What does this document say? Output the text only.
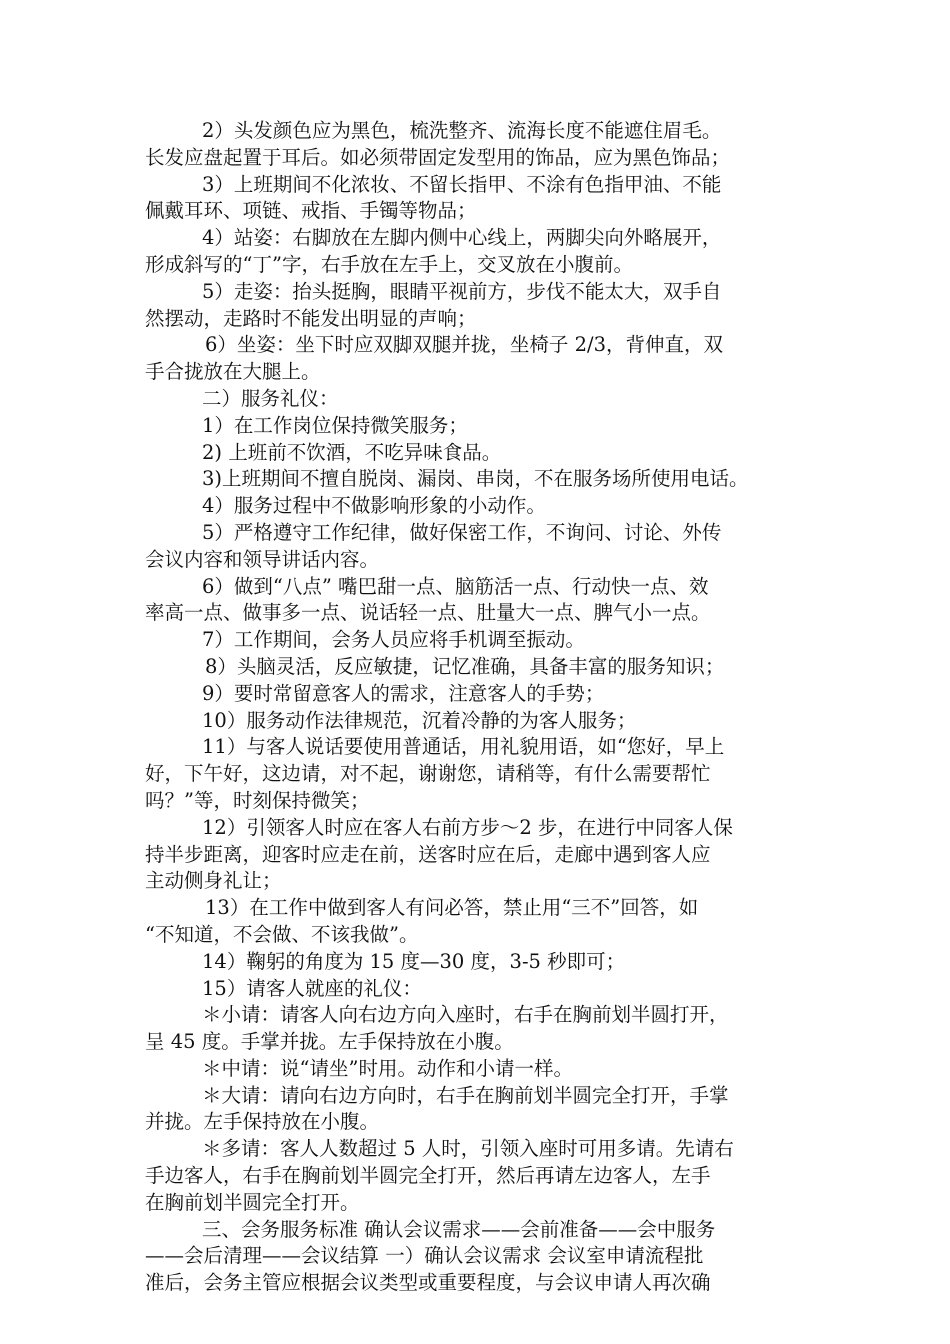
2）头发颜色应为黑色，梳洗整齐、流海长度不能遮住眉毛。
长发应盘起置于耳后。如必须带固定发型用的饰品，应为黑色饰品；
3）上班期间不化浓妆、不留长指甲、不涂有色指甲油、不能
佩戴耳环、项链、戒指、手镯等物品；
4）站姿：右脚放在左脚内侧中心线上，两脚尖向外略展开，
形成斜写的“丁”字，右手放在左手上，交叉放在小腹前。
5）走姿：抬头挺胸，眼睛平视前方，步伐不能太大，双手自
然摆动，走路时不能发出明显的声响；
6）坐姿：坐下时应双脚双腿并拢，坐椅子 2/3，背伸直，双
手合拢放在大腿上。
二）服务礼仪：
1）在工作岗位保持微笑服务；
2) 上班前不饮酒，不吃异味食品。
3)上班期间不擅自脱岗、漏岗、串岗，不在服务场所使用电话。
4）服务过程中不做影响形象的小动作。
5）严格遵守工作纪律，做好保密工作，不询问、讨论、外传
会议内容和领导讲话内容。
6）做到“八点” 嘴巴甜一点、脑筋活一点、行动快一点、效
率高一点、做事多一点、说话轻一点、肚量大一点、脾气小一点。
7）工作期间，会务人员应将手机调至振动。
8）头脑灵活，反应敏捷，记忆准确，具备丰富的服务知识；
9）要时常留意客人的需求，注意客人的手势；
10）服务动作法律规范，沉着冷静的为客人服务；
11）与客人说话要使用普通话，用礼貌用语，如“您好，早上
好，下午好，这边请，对不起，谢谢您，请稍等，有什么需要帮忙
吗？”等，时刻保持微笑；
12）引领客人时应在客人右前方步～2 步，在进行中同客人保
持半步距离，迎客时应走在前，送客时应在后，走廊中遇到客人应
主动侧身礼让；
13）在工作中做到客人有问必答，禁止用“三不”回答，如
“不知道，不会做、不该我做”。
14）鞠躬的角度为 15 度—30 度，3-5 秒即可；
15）请客人就座的礼仪：
＊小请：请客人向右边方向入座时，右手在胸前划半圆打开，
呈 45 度。手掌并拢。左手保持放在小腹。
＊中请：说“请坐”时用。动作和小请一样。
＊大请：请向右边方向时，右手在胸前划半圆完全打开，手掌
并拢。左手保持放在小腹。
＊多请：客人人数超过 5 人时，引领入座时可用多请。先请右
手边客人，右手在胸前划半圆完全打开，然后再请左边客人，左手
在胸前划半圆完全打开。
三、会务服务标准 确认会议需求——会前准备——会中服务
——会后清理——会议结算 一）确认会议需求 会议室申请流程批
准后，会务主管应根据会议类型或重要程度，与会议申请人再次确
